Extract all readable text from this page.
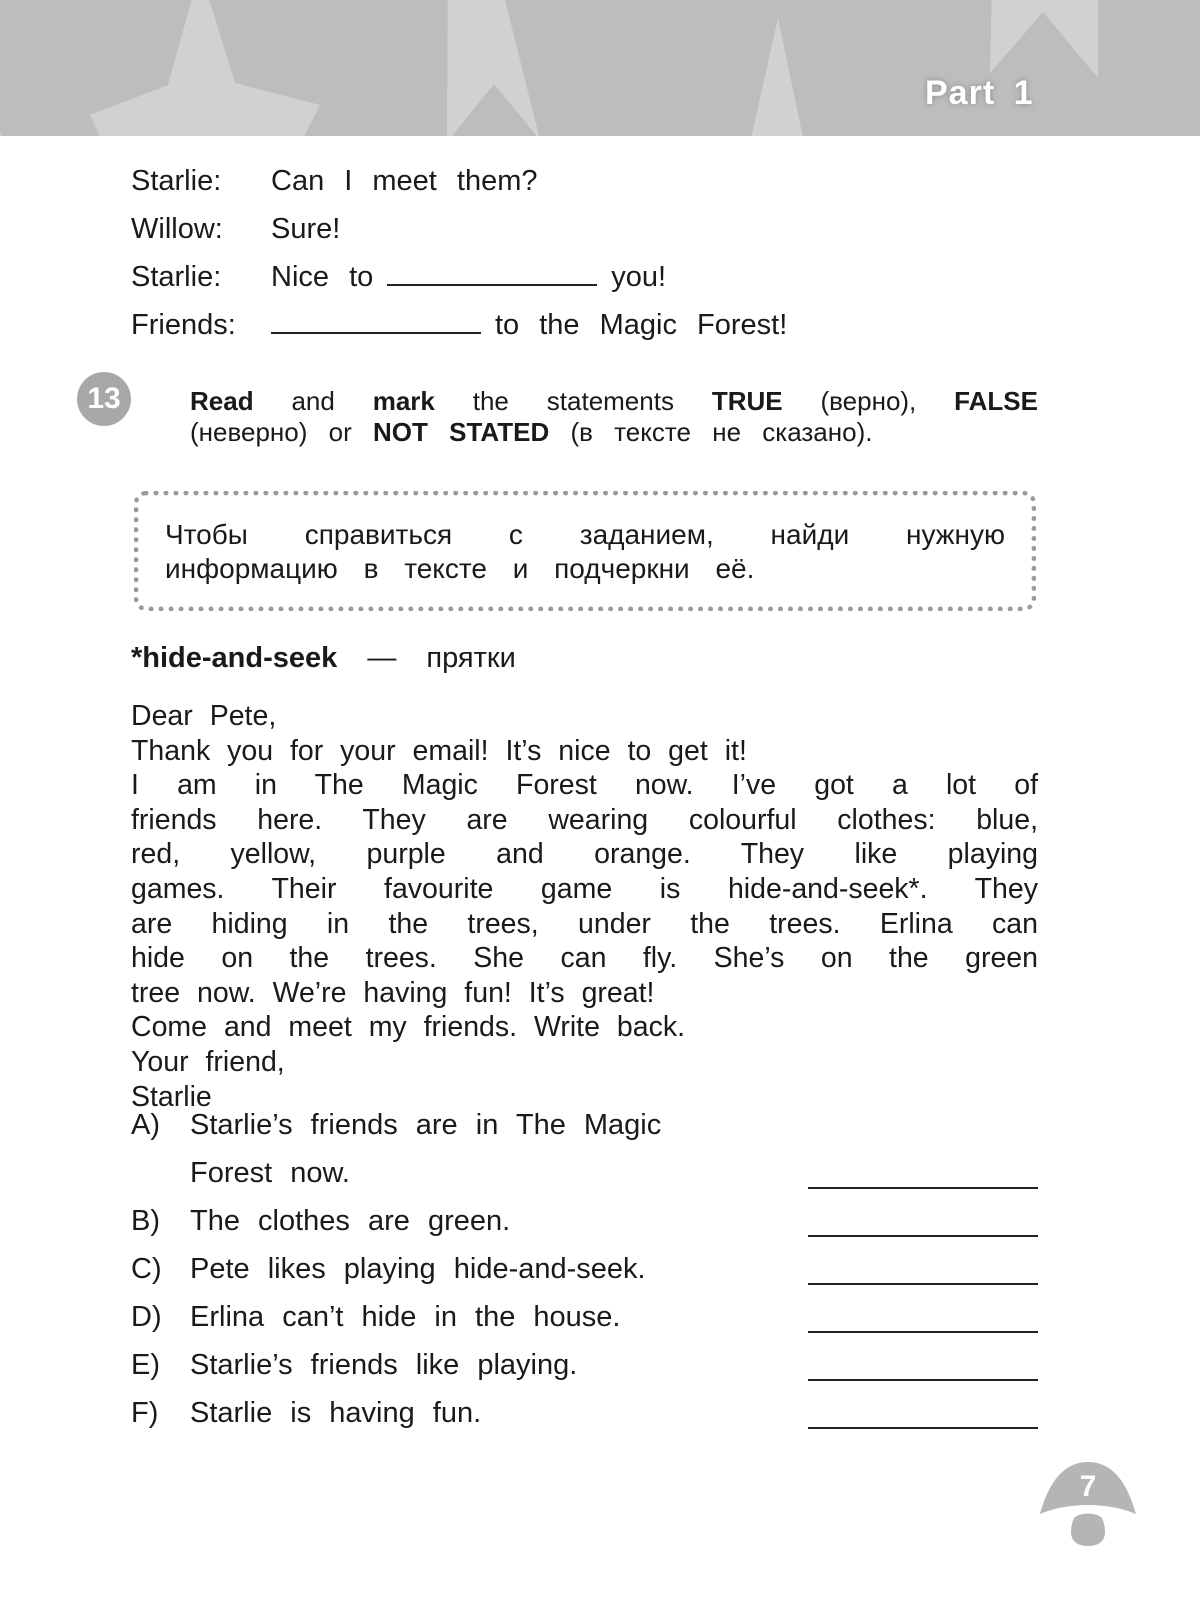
Part 1
Starlie: Can I meet them?
Willow: Sure!
Starlie: Nice to	you!
Friends:	to the Magic Forest!
13	Read and mark the statements TRUE (верно), FALSE
(неверно) or NOT STATED (в тексте не сказано).
Чтобы справиться с заданием, найди нужную
информацию в тексте и подчеркни её.
*hide-and-seek — прятки
Dear Pete,
Thank you for your email! It’s nice to get it!
I am in The Magic Forest now. I’ve got a lot of
friends here. They are wearing colourful clothes: blue,
red, yellow, purple and orange. They like playing
games. Their favourite game is hide-and-seek*. They
are hiding in the trees, under the trees. Erlina can
hide on the trees. She can fly. She’s on the green
tree now. We’re having fun! It’s great!
Come and meet my friends. Write back.
Your friend,
Starlie
A) Starlie’s friends are in The Magic
Forest now.
B) The clothes are green.
C) Pete likes playing hide-and-seek.
D) Erlina can’t hide in the house.
E) Starlie’s friends like playing.
F) Starlie is having fun.
7
